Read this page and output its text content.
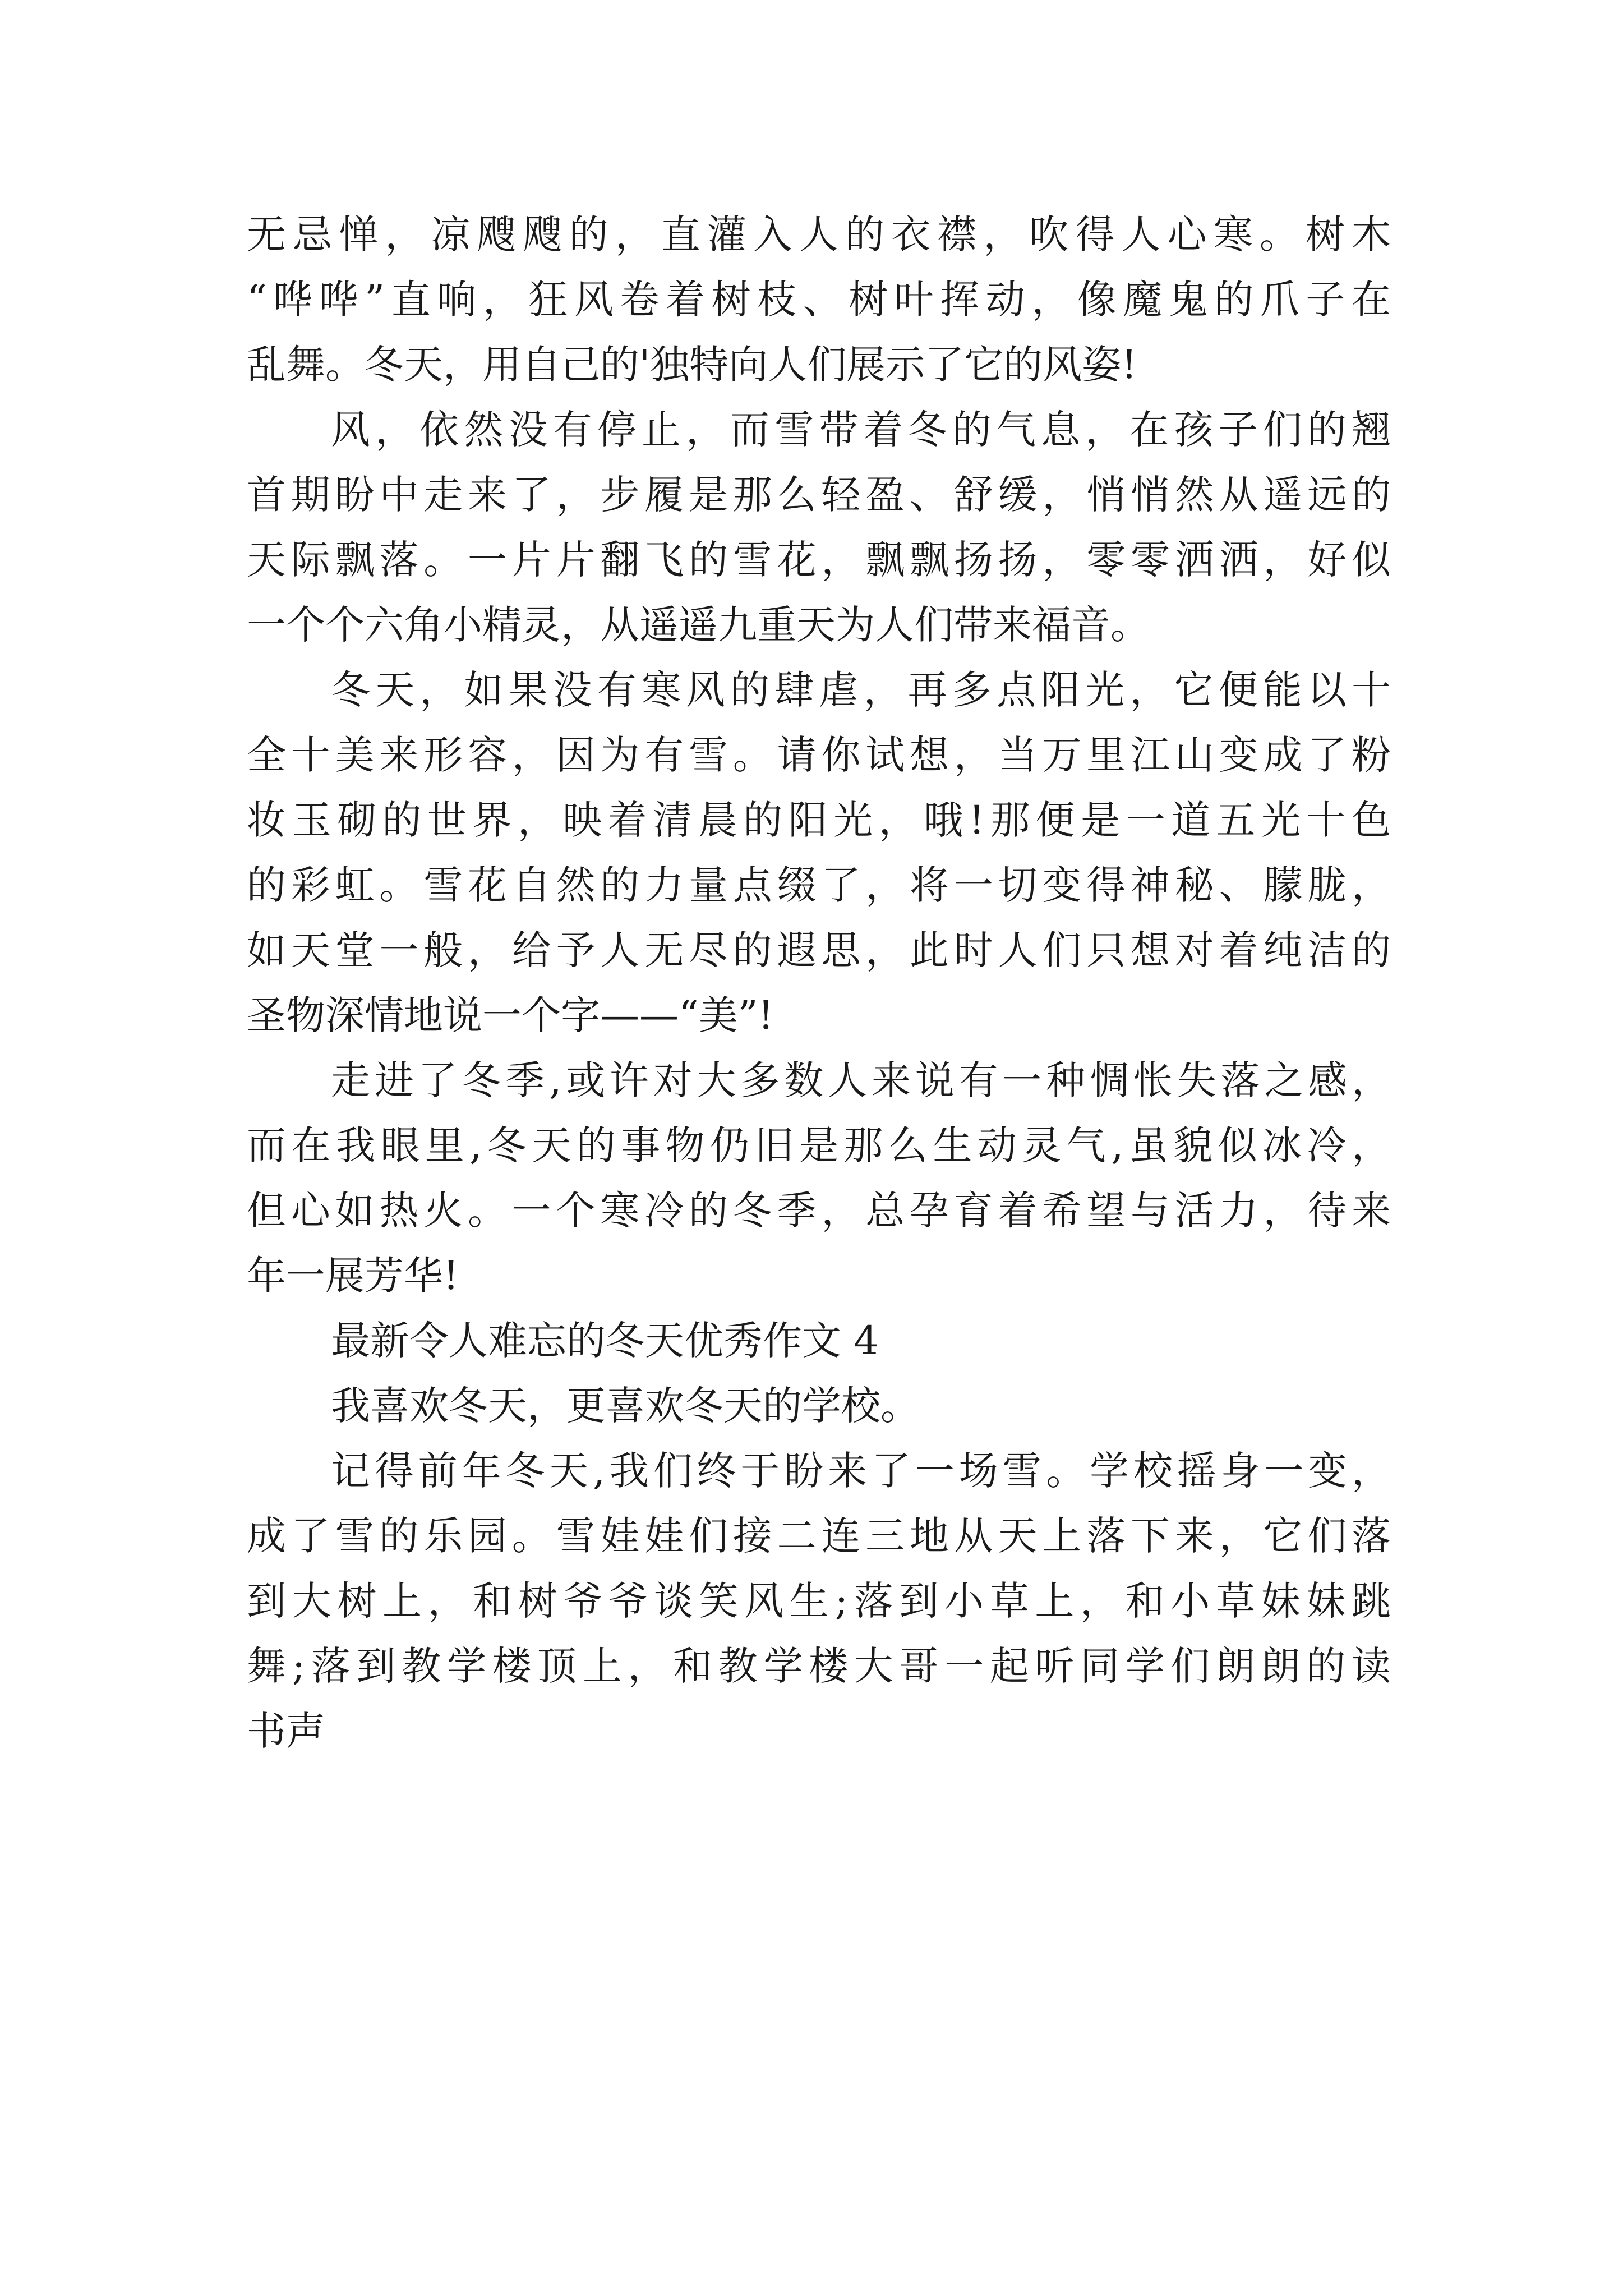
无忌惮，凉飕飕的，直灌入人的衣襟，吹得人心寒。树木
“哗哗”直响，狂风卷着树枝、树叶挥动，像魔鬼的爪子在
乱舞。冬天，用自己的'独特向人们展示了它的风姿!
风，依然没有停止，而雪带着冬的气息，在孩子们的翘
首期盼中走来了，步履是那么轻盈、舒缓，悄悄然从遥远的
天际飘落。一片片翻飞的雪花，飘飘扬扬，零零洒洒，好似
一个个六角小精灵，从遥遥九重天为人们带来福音。
冬天，如果没有寒风的肆虐，再多点阳光，它便能以十
全十美来形容，因为有雪。请你试想，当万里江山变成了粉
妆玉砌的世界，映着清晨的阳光，哦!那便是一道五光十色
的彩虹。雪花自然的力量点缀了，将一切变得神秘、朦胧，
如天堂一般，给予人无尽的遐思，此时人们只想对着纯洁的
圣物深情地说一个字——“美”!
走进了冬季,或许对大多数人来说有一种惆怅失落之感，
而在我眼里,冬天的事物仍旧是那么生动灵气,虽貌似冰冷，
但心如热火。一个寒冷的冬季，总孕育着希望与活力，待来
年一展芳华!
最新令人难忘的冬天优秀作文 4
我喜欢冬天，更喜欢冬天的学校。
记得前年冬天,我们终于盼来了一场雪。学校摇身一变，
成了雪的乐园。雪娃娃们接二连三地从天上落下来，它们落
到大树上，和树爷爷谈笑风生;落到小草上，和小草妹妹跳
舞;落到教学楼顶上，和教学楼大哥一起听同学们朗朗的读
书声
